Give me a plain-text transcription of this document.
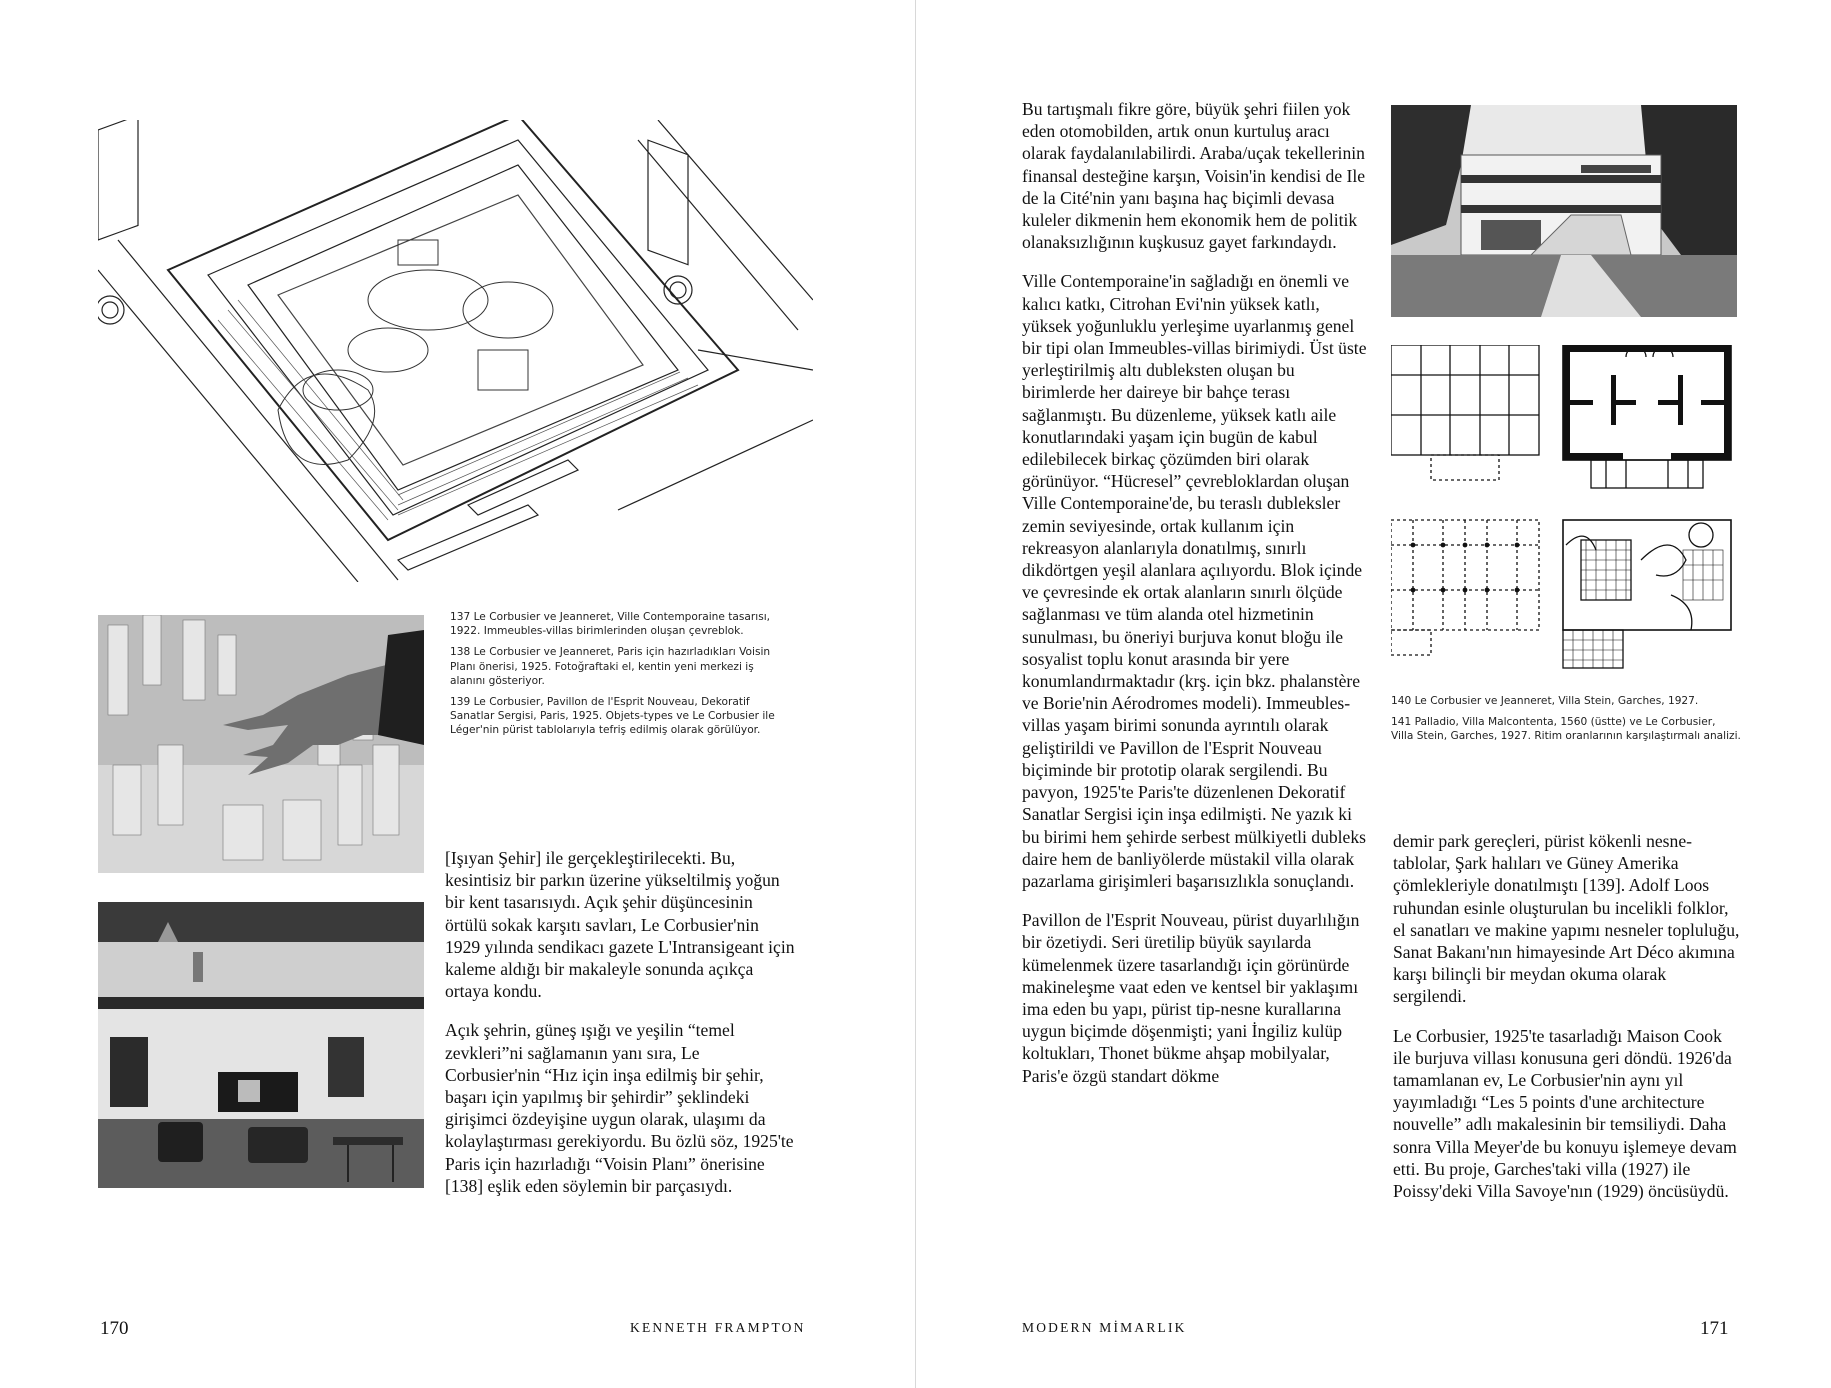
137 Le Corbusier ve Jeanneret, Ville Contemporaine tasarısı, 1922. Immeubles-villas birimlerinden oluşan çevreblok.

138 Le Corbusier ve Jeanneret, Paris için hazırladıkları Voisin Planı önerisi, 1925. Fotoğraftaki el, kentin yeni merkezi iş alanını gösteriyor.

139 Le Corbusier, Pavillon de l'Esprit Nouveau, Dekoratif Sanatlar Sergisi, Paris, 1925. Objets-types ve Le Corbusier ile Léger'nin pürist tablolarıyla tefriş edilmiş olarak görülüyor.

[Işıyan Şehir] ile gerçekleştirilecekti. Bu, kesintisiz bir parkın üzerine yükseltilmiş yoğun bir kent tasarısıydı. Açık şehir düşüncesinin örtülü sokak karşıtı savları, Le Corbusier'nin 1929 yılında sendikacı gazete L'Intransigeant için kaleme aldığı bir makaleyle sonunda açıkça ortaya kondu.

Açık şehrin, güneş ışığı ve yeşilin “temel zevkleri”ni sağlamanın yanı sıra, Le Corbusier'nin “Hız için inşa edilmiş bir şehir, başarı için yapılmış bir şehirdir” şeklindeki girişimci özdeyişine uygun olarak, ulaşımı da kolaylaştırması gerekiyordu. Bu özlü söz, 1925'te Paris için hazırladığı “Voisin Planı” önerisine [138] eşlik eden söylemin bir parçasıydı.

170	KENNETH FRAMPTON

Bu tartışmalı fikre göre, büyük şehri fiilen yok eden otomobilden, artık onun kurtuluş aracı olarak faydalanılabilirdi. Araba/uçak tekellerinin finansal desteğine karşın, Voisin'in kendisi de Ile de la Cité'nin yanı başına haç biçimli devasa kuleler dikmenin hem ekonomik hem de politik olanaksızlığının kuşkusuz gayet farkındaydı.

Ville Contemporaine'in sağladığı en önemli ve kalıcı katkı, Citrohan Evi'nin yüksek katlı, yüksek yoğunluklu yerleşime uyarlanmış genel bir tipi olan Immeubles-villas birimiydi. Üst üste yerleştirilmiş altı dubleksten oluşan bu birimlerde her daireye bir bahçe terası sağlanmıştı. Bu düzenleme, yüksek katlı aile konutlarındaki yaşam için bugün de kabul edilebilecek birkaç çözümden biri olarak görünüyor. “Hücresel” çevrebloklardan oluşan Ville Contemporaine'de, bu teraslı dubleksler zemin seviyesinde, ortak kullanım için rekreasyon alanlarıyla donatılmış, sınırlı dikdörtgen yeşil alanlara açılıyordu. Blok içinde ve çevresinde ek ortak alanların sınırlı ölçüde sağlanması ve tüm alanda otel hizmetinin sunulması, bu öneriyi burjuva konut bloğu ile sosyalist toplu konut arasında bir yere konumlandırmaktadır (krş. için bkz. phalanstère ve Borie'nin Aérodromes modeli). Immeubles-villas yaşam birimi sonunda ayrıntılı olarak geliştirildi ve Pavillon de l'Esprit Nouveau biçiminde bir prototip olarak sergilendi. Bu pavyon, 1925'te Paris'te düzenlenen Dekoratif Sanatlar Sergisi için inşa edilmişti. Ne yazık ki bu birimi hem şehirde serbest mülkiyetli dubleks daire hem de banliyölerde müstakil villa olarak pazarlama girişimleri başarısızlıkla sonuçlandı.

Pavillon de l'Esprit Nouveau, pürist duyarlılığın bir özetiydi. Seri üretilip büyük sayılarda kümelenmek üzere tasarlandığı için görünürde makineleşme vaat eden ve kentsel bir yaklaşımı ima eden bu yapı, pürist tip-nesne kurallarına uygun biçimde döşenmişti; yani İngiliz kulüp koltukları, Thonet bükme ahşap mobilyalar, Paris'e özgü standart dökme

140 Le Corbusier ve Jeanneret, Villa Stein, Garches, 1927.

141 Palladio, Villa Malcontenta, 1560 (üstte) ve Le Corbusier, Villa Stein, Garches, 1927. Ritim oranlarının karşılaştırmalı analizi.

demir park gereçleri, pürist kökenli nesne-tablolar, Şark halıları ve Güney Amerika çömlekleriyle donatılmıştı [139]. Adolf Loos ruhundan esinle oluşturulan bu incelikli folklor, el sanatları ve makine yapımı nesneler topluluğu, Sanat Bakanı'nın himayesinde Art Déco akımına karşı bilinçli bir meydan okuma olarak sergilendi.

Le Corbusier, 1925'te tasarladığı Maison Cook ile burjuva villası konusuna geri döndü. 1926'da tamamlanan ev, Le Corbusier'nin aynı yıl yayımladığı “Les 5 points d'une architecture nouvelle” adlı makalesinin bir temsiliydi. Daha sonra Villa Meyer'de bu konuyu işlemeye devam etti. Bu proje, Garches'taki villa (1927) ile Poissy'deki Villa Savoye'nın (1929) öncüsüydü.

MODERN MİMARLIK	171
